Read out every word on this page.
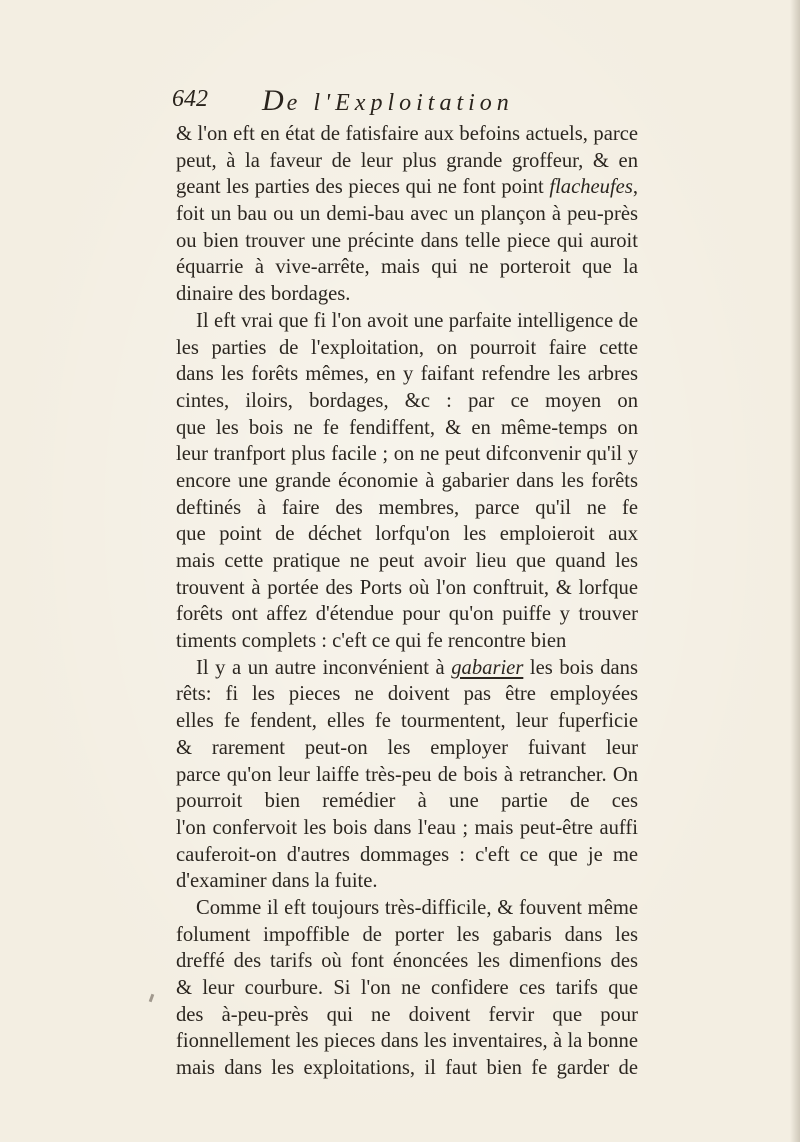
642 De l'Exploitation
& l'on eft en état de fatisfaire aux befoins actuels, parce
peut, à la faveur de leur plus grande groffeur, & en
geant les parties des pieces qui ne font point flacheufes,
foit un bau ou un demi-bau avec un plançon à peu-près
ou bien trouver une précinte dans telle piece qui auroit
équarrie à vive-arrête, mais qui ne porteroit que la
dinaire des bordages.
Il eft vrai que fi l'on avoit une parfaite intelligence de
les parties de l'exploitation, on pourroit faire cette
dans les forêts mêmes, en y faifant refendre les arbres
cintes, iloirs, bordages, &c : par ce moyen on
que les bois ne fe fendiffent, & en même-temps on
leur tranfport plus facile ; on ne peut difconvenir qu'il y
encore une grande économie à gabarier dans les forêts
deftinés à faire des membres, parce qu'il ne fe
que point de déchet lorfqu'on les emploieroit aux
mais cette pratique ne peut avoir lieu que quand les
trouvent à portée des Ports où l'on conftruit, & lorfque
forêts ont affez d'étendue pour qu'on puiffe y trouver
timents complets : c'eft ce qui fe rencontre bien
Il y a un autre inconvénient à gabarier les bois dans
rêts: fi les pieces ne doivent pas être employées
elles fe fendent, elles fe tourmentent, leur fuperficie
& rarement peut-on les employer fuivant leur
parce qu'on leur laiffe très-peu de bois à retrancher. On
pourroit bien remédier à une partie de ces
l'on confervoit les bois dans l'eau ; mais peut-être auffi
cauferoit-on d'autres dommages : c'eft ce que je me
d'examiner dans la fuite.
Comme il eft toujours très-difficile, & fouvent même
folument impoffible de porter les gabaris dans les
dreffé des tarifs où font énoncées les dimenfions des
& leur courbure. Si l'on ne confidere ces tarifs que
des à-peu-près qui ne doivent fervir que pour
fionnellement les pieces dans les inventaires, à la bonne
mais dans les exploitations, il faut bien fe garder de
